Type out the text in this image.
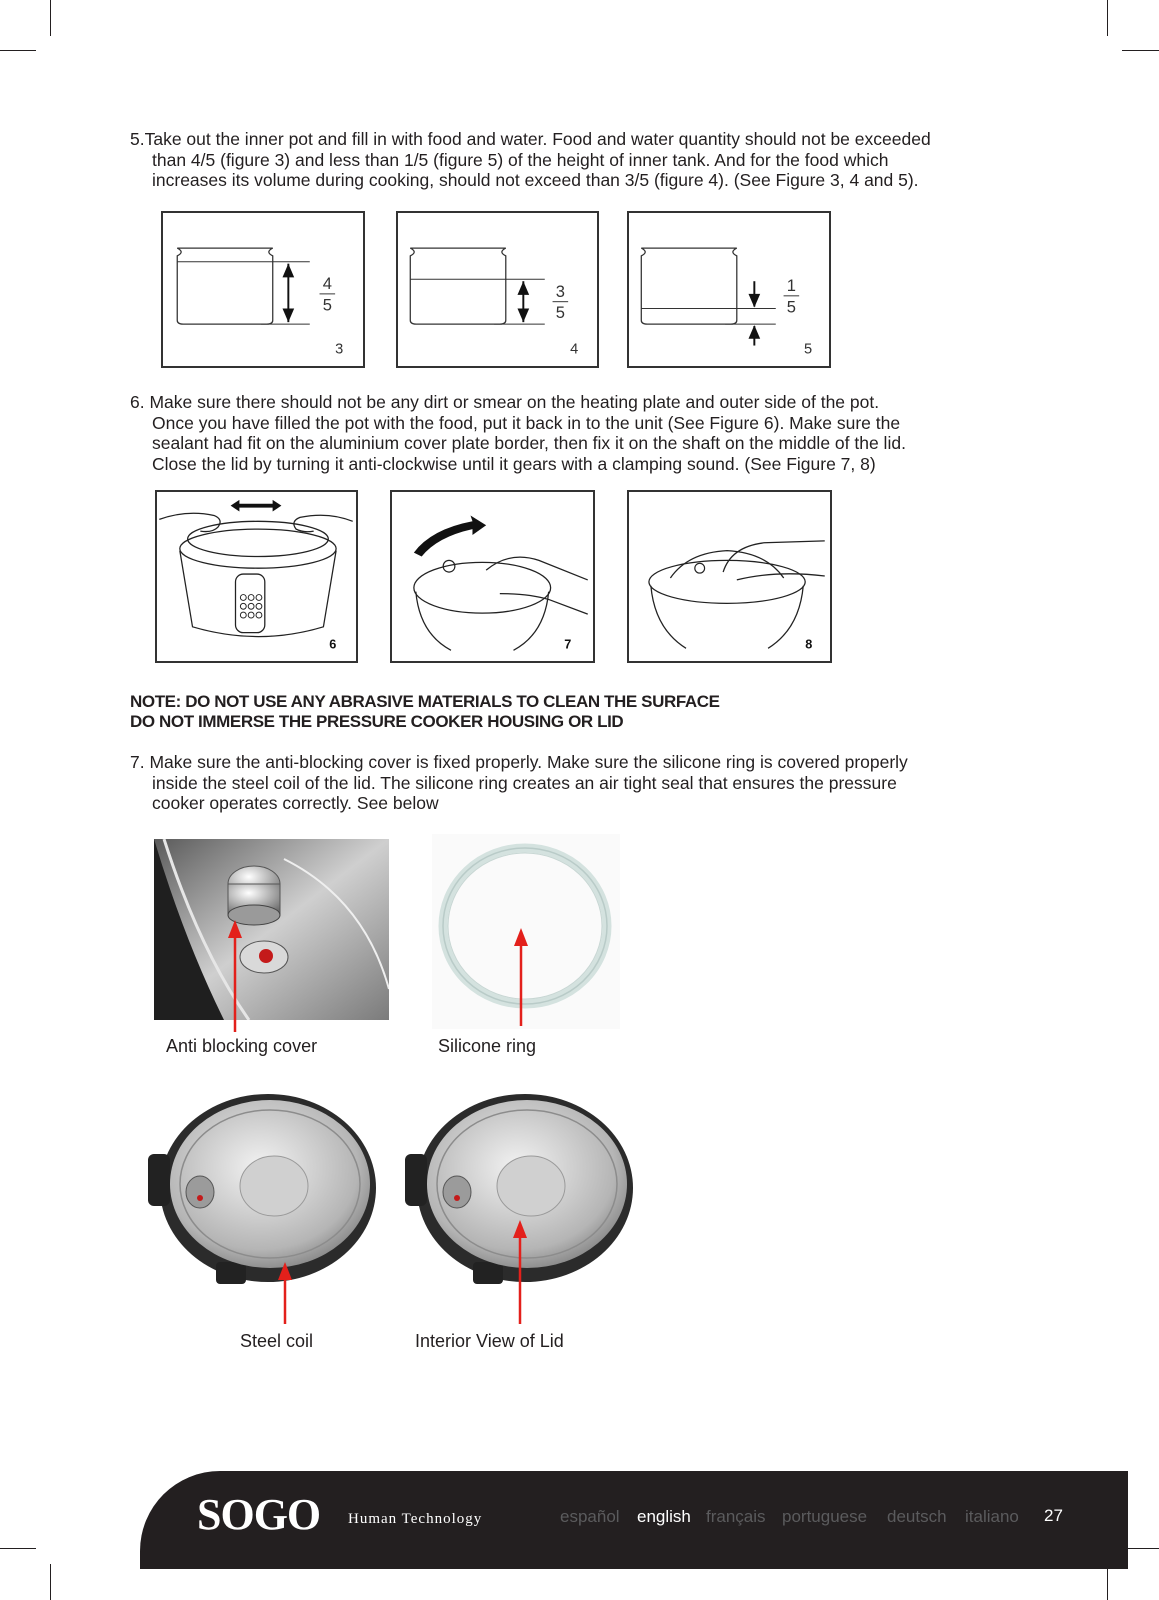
5.Take out the inner pot and fill in with food and water. Food and water quantity should not be exceeded
than 4/5 (figure 3) and less than 1/5 (figure 5) of the height of inner tank. And for the food which
increases its volume during cooking, should not exceed than 3/5 (figure 4). (See Figure 3, 4 and 5).
4
5
3
3
5
4
1
5
5
6. Make sure there should not be any dirt or smear on the heating plate and outer side of the pot.
Once you have filled the pot with the food, put it back in to the unit (See Figure 6). Make sure the
sealant had fit on the aluminium cover plate border, then fix it on the shaft on the middle of the lid.
Close the lid by turning it anti-clockwise until it gears with a clamping sound. (See Figure 7, 8)
6	7	8
NOTE: DO NOT USE ANY ABRASIVE MATERIALS TO CLEAN THE SURFACE
DO NOT IMMERSE THE PRESSURE COOKER HOUSING OR LID
7. Make sure the anti-blocking cover is fixed properly. Make sure the silicone ring is covered properly
inside the steel coil of the lid. The silicone ring creates an air tight seal that ensures the pressure
cooker operates correctly. See below
Anti blocking cover	Silicone ring
Steel coil	Interior View of Lid
SOGO Human Technology	español english français portuguese deutsch italiano 27
